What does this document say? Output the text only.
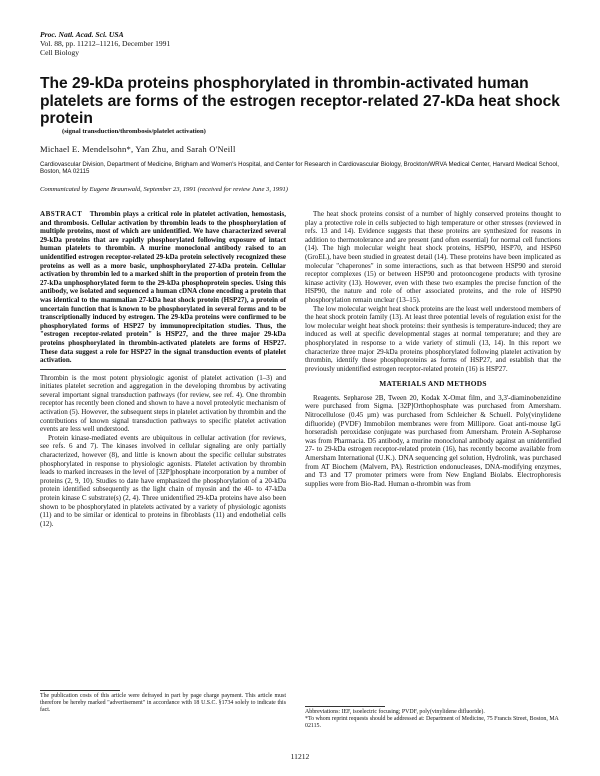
Proc. Natl. Acad. Sci. USA
Vol. 88, pp. 11212–11216, December 1991
Cell Biology
The 29-kDa proteins phosphorylated in thrombin-activated human platelets are forms of the estrogen receptor-related 27-kDa heat shock protein
(signal transduction/thrombosis/platelet activation)
Michael E. Mendelsohn*, Yan Zhu, and Sarah O'Neill
Cardiovascular Division, Department of Medicine, Brigham and Women's Hospital, and Center for Research in Cardiovascular Biology, Brockton/WRVA Medical Center, Harvard Medical School, Boston, MA 02115
Communicated by Eugene Braunwald, September 23, 1991 (received for review June 3, 1991)

ABSTRACT Thrombin plays a critical role in platelet activation, hemostasis, and thrombosis. Cellular activation by thrombin leads to the phosphorylation of multiple proteins, most of which are unidentified. We have characterized several 29-kDa proteins that are rapidly phosphorylated following exposure of intact human platelets to thrombin. A murine monoclonal antibody raised to an unidentified estrogen receptor-related 29-kDa protein selectively recognized these proteins as well as a more basic, unphosphorylated 27-kDa protein. Cellular activation by thrombin led to a marked shift in the proportion of protein from the 27-kDa unphosphorylated form to the 29-kDa phosphoprotein species. Using this antibody, we isolated and sequenced a human cDNA clone encoding a protein that was identical to the mammalian 27-kDa heat shock protein (HSP27), a protein of uncertain function that is known to be phosphorylated in several forms and to be transcriptionally induced by estrogen. The 29-kDa proteins were confirmed to be phosphorylated forms of HSP27 by immunoprecipitation studies. Thus, the "estrogen receptor-related protein" is HSP27, and the three major 29-kDa proteins phosphorylated in thrombin-activated platelets are forms of HSP27. These data suggest a role for HSP27 in the signal transduction events of platelet activation.

Thrombin is the most potent physiologic agonist of platelet activation (1–3) and initiates platelet secretion and aggregation in the developing thrombus by activating several important signal transduction pathways (for review, see ref. 4). One thrombin receptor has recently been cloned and shown to have a novel proteolytic mechanism of activation (5). However, the subsequent steps in platelet activation by thrombin and the contributions of known signal transduction pathways to specific platelet activation events are less well understood.

Protein kinase-mediated events are ubiquitous in cellular activation (for reviews, see refs. 6 and 7). The kinases involved in cellular signaling are only partially characterized, however (8), and little is known about the specific cellular substrates phosphorylated in response to physiologic agonists. Platelet activation by thrombin leads to marked increases in the level of [32P]phosphate incorporation by a number of proteins (2, 9, 10). Studies to date have emphasized the phosphorylation of a 20-kDa protein identified subsequently as the light chain of myosin and the 40- to 47-kDa protein kinase C substrate(s) (2, 4). Three unidentified 29-kDa proteins have also been shown to be phosphorylated in platelets activated by a variety of physiologic agonists (11) and to be similar or identical to proteins in fibroblasts (11) and endothelial cells (12).

The heat shock proteins consist of a number of highly conserved proteins thought to play a protective role in cells subjected to high temperature or other stresses (reviewed in refs. 13 and 14). Evidence suggests that these proteins are synthesized for reasons in addition to thermotolerance and are present (and often essential) for normal cell functions (14). The high molecular weight heat shock proteins, HSP90, HSP70, and HSP60 (GroEL), have been studied in greatest detail (14). These proteins have been implicated as molecular "chaperones" in some interactions, such as that between HSP90 and steroid receptor complexes (15) or between HSP90 and protooncogene products with tyrosine kinase activity (13). However, even with these two examples the precise function of the HSP90, the nature and role of other associated proteins, and the role of HSP90 phosphorylation remain unclear (13–15).

The low molecular weight heat shock proteins are the least well understood members of the heat shock protein family (13). At least three potential levels of regulation exist for the low molecular weight heat shock proteins: their synthesis is temperature-induced; they are induced as well at specific developmental stages at normal temperature; and they are phosphorylated in response to a wide variety of stimuli (13, 14). In this report we characterize three major 29-kDa proteins phosphorylated following platelet activation by thrombin, identify these phosphoproteins as forms of HSP27, and establish that the previously unidentified estrogen receptor-related protein (16) is HSP27.

MATERIALS AND METHODS

Reagents. Sepharose 2B, Tween 20, Kodak X-Omat film, and 3,3'-diaminobenzidine were purchased from Sigma. [32P]Orthophosphate was purchased from Amersham. Nitrocellulose (0.45 µm) was purchased from Schleicher & Schuell. Poly(vinylidene difluoride) (PVDF) Immobilon membranes were from Millipore. Goat anti-mouse IgG horseradish peroxidase conjugate was purchased from Amersham. Protein A-Sepharose was from Pharmacia. D5 antibody, a murine monoclonal antibody against an unidentified 27- to 29-kDa estrogen receptor-related protein (16), has recently become available from Amersham International (U.K.). DNA sequencing gel solution, Hydrolink, was purchased from AT Biochem (Malvern, PA). Restriction endonucleases, DNA-modifying enzymes, and T3 and T7 promoter primers were from New England Biolabs. Electrophoresis supplies were from Bio-Rad. Human α-thrombin was from

The publication costs of this article were defrayed in part by page charge payment. This article must therefore be hereby marked "advertisement" in accordance with 18 U.S.C. §1734 solely to indicate this fact.	Abbreviations: IEF, isoelectric focusing; PVDF, poly(vinylidene difluoride).
*To whom reprint requests should be addressed at: Department of Medicine, 75 Francis Street, Boston, MA 02115.
11212
